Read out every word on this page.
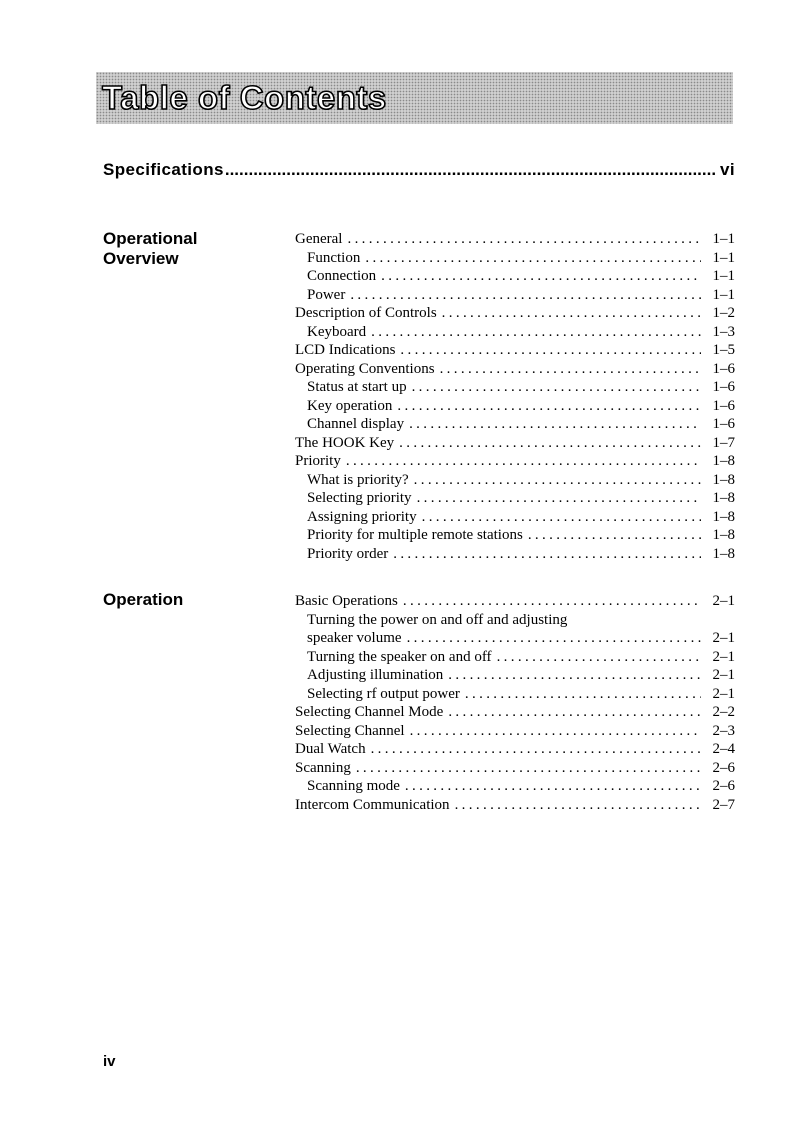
Table of Contents
Specifications .....	vi
Operational
Overview
General . . .	1–1
Function . . .	1–1
Connection . . .	1–1
Power . . .	1–1
Description of Controls . . .	1–2
Keyboard . . .	1–3
LCD Indications . . .	1–5
Operating Conventions . . .	1–6
Status at start up . . .	1–6
Key operation . . .	1–6
Channel display . . .	1–6
The HOOK Key . . .	1–7
Priority . . .	1–8
What is priority? . . .	1–8
Selecting priority . . .	1–8
Assigning priority . . .	1–8
Priority for multiple remote stations . . .	1–8
Priority order . . .	1–8
Operation	Basic Operations . . .	2–1
Turning the power on and off and adjusting
speaker volume . . .	2–1
Turning the speaker on and off . . .	2–1
Adjusting illumination . . .	2–1
Selecting rf output power . . .	2–1
Selecting Channel Mode . . .	2–2
Selecting Channel . . .	2–3
Dual Watch . . .	2–4
Scanning . . .	2–6
Scanning mode . . .	2–6
Intercom Communication . . .	2–7
iv
